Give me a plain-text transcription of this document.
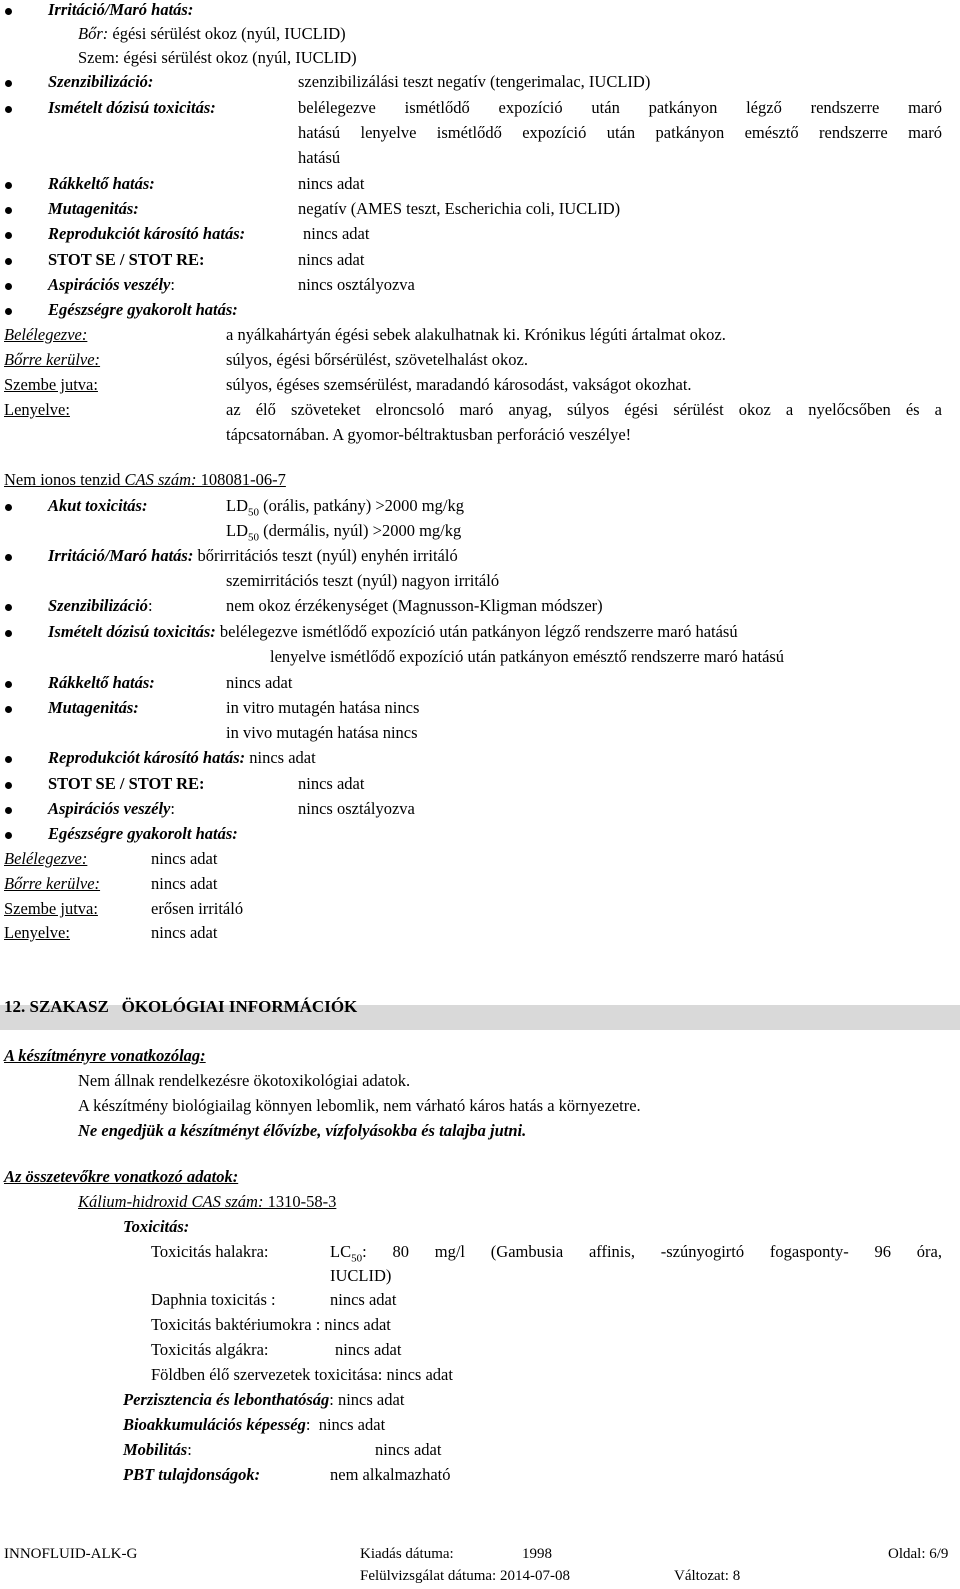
Irritáció/Maró hatás:
Bőr: égési sérülést okoz (nyúl, IUCLID)
Szem: égési sérülést okoz (nyúl, IUCLID)
Szenzibilizáció:	szenzibilizálási teszt negatív (tengerimalac, IUCLID)
Ismételt dózisú toxicitás:	belélegezve ismétlődő expozíció után patkányon légző rendszerre maró
hatású lenyelve ismétlődő expozíció után patkányon emésztő rendszerre maró
hatású
Rákkeltő hatás:	nincs adat
Mutagenitás:	negatív (AMES teszt, Escherichia coli, IUCLID)
Reprodukciót károsító hatás:	nincs adat
STOT SE / STOT RE:	nincs adat
Aspirációs veszély:	nincs osztályozva
Egészségre gyakorolt hatás:
Belélegezve:	a nyálkahártyán égési sebek alakulhatnak ki. Krónikus légúti ártalmat okoz.
Bőrre kerülve:	súlyos, égési bőrsérülést, szövetelhalást okoz.
Szembe jutva:	súlyos, égéses szemsérülést, maradandó károsodást, vakságot okozhat.
Lenyelve:	az élő szöveteket elroncsoló maró anyag, súlyos égési sérülést okoz a nyelőcsőben és a
tápcsatornában. A gyomor-béltraktusban perforáció veszélye!
Nem ionos tenzid CAS szám: 108081-06-7
Akut toxicitás:	$LD_{50}$ (orális, patkány) >2000 mg/kg
$LD_{50}$ (dermális, nyúl) >2000 mg/kg
Irritáció/Maró hatás: bőrirritációs teszt (nyúl) enyhén irritáló
szemirritációs teszt (nyúl) nagyon irritáló
Szenzibilizáció:	nem okoz érzékenységet (Magnusson-Kligman módszer)
Ismételt dózisú toxicitás: belélegezve ismétlődő expozíció után patkányon légző rendszerre maró hatású
lenyelve ismétlődő expozíció után patkányon emésztő rendszerre maró hatású
Rákkeltő hatás:	nincs adat
Mutagenitás:	in vitro mutagén hatása nincs
in vivo mutagén hatása nincs
Reprodukciót károsító hatás: nincs adat
STOT SE / STOT RE:	nincs adat
Aspirációs veszély:	nincs osztályozva
Egészségre gyakorolt hatás:
Belélegezve:	nincs adat
Bőrre kerülve:	nincs adat
Szembe jutva:	erősen irritáló
Lenyelve:	nincs adat
12. SZAKASZ   ÖKOLÓGIAI INFORMÁCIÓK
A készítményre vonatkozólag:
Nem állnak rendelkezésre ökotoxikológiai adatok.
A készítmény biológiailag könnyen lebomlik, nem várható káros hatás a környezetre.
Ne engedjük a készítményt élővízbe, vízfolyásokba és talajba jutni.
Az összetevőkre vonatkozó adatok:
Kálium-hidroxid CAS szám: 1310-58-3
Toxicitás:
Toxicitás halakra:	$LC_{50}$:  80  mg/l  (Gambusia  affinis,  -szúnyogirtó  fogasponty-  96  óra,
IUCLID)
Daphnia toxicitás :	nincs adat
Toxicitás baktériumokra : nincs adat
Toxicitás algákra:	nincs adat
Földben élő szervezetek toxicitása: nincs adat
Perzisztencia és lebonthatóság: nincs adat
Bioakkumulációs képesség:  nincs adat
Mobilitás:	nincs adat
PBT tulajdonságok:	nem alkalmazható
INNOFLUID-ALK-G	Kiadás dátuma:	1998	Oldal: 6/9
Felülvizsgálat dátuma: 2014-07-08	Változat: 8
